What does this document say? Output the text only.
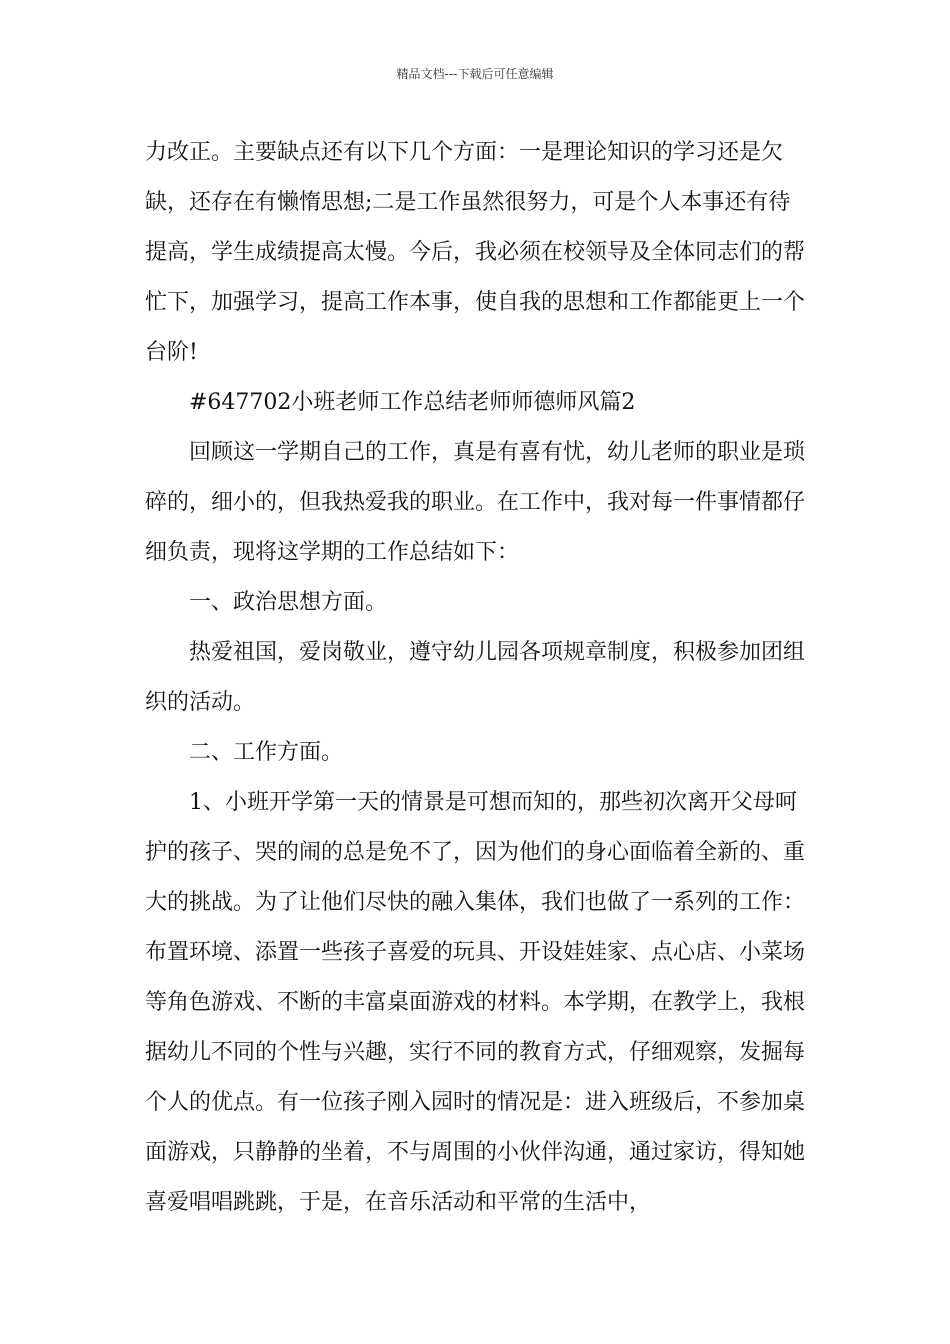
精品文档---下载后可任意编辑

力改正。主要缺点还有以下几个方面：一是理论知识的学习还是欠缺，还存在有懒惰思想;二是工作虽然很努力，可是个人本事还有待提高，学生成绩提高太慢。今后，我必须在校领导及全体同志们的帮忙下，加强学习，提高工作本事，使自我的思想和工作都能更上一个台阶!

#647702小班老师工作总结老师师德师风篇2

回顾这一学期自己的工作，真是有喜有忧，幼儿老师的职业是琐碎的，细小的，但我热爱我的职业。在工作中，我对每一件事情都仔细负责，现将这学期的工作总结如下：

一、政治思想方面。

热爱祖国，爱岗敬业，遵守幼儿园各项规章制度，积极参加团组织的活动。

二、工作方面。

1、小班开学第一天的情景是可想而知的，那些初次离开父母呵护的孩子、哭的闹的总是免不了，因为他们的身心面临着全新的、重大的挑战。为了让他们尽快的融入集体，我们也做了一系列的工作：布置环境、添置一些孩子喜爱的玩具、开设娃娃家、点心店、小菜场等角色游戏、不断的丰富桌面游戏的材料。本学期，在教学上，我根据幼儿不同的个性与兴趣，实行不同的教育方式，仔细观察，发掘每个人的优点。有一位孩子刚入园时的情况是：进入班级后，不参加桌面游戏，只静静的坐着，不与周围的小伙伴沟通，通过家访，得知她喜爱唱唱跳跳，于是，在音乐活动和平常的生活中，
